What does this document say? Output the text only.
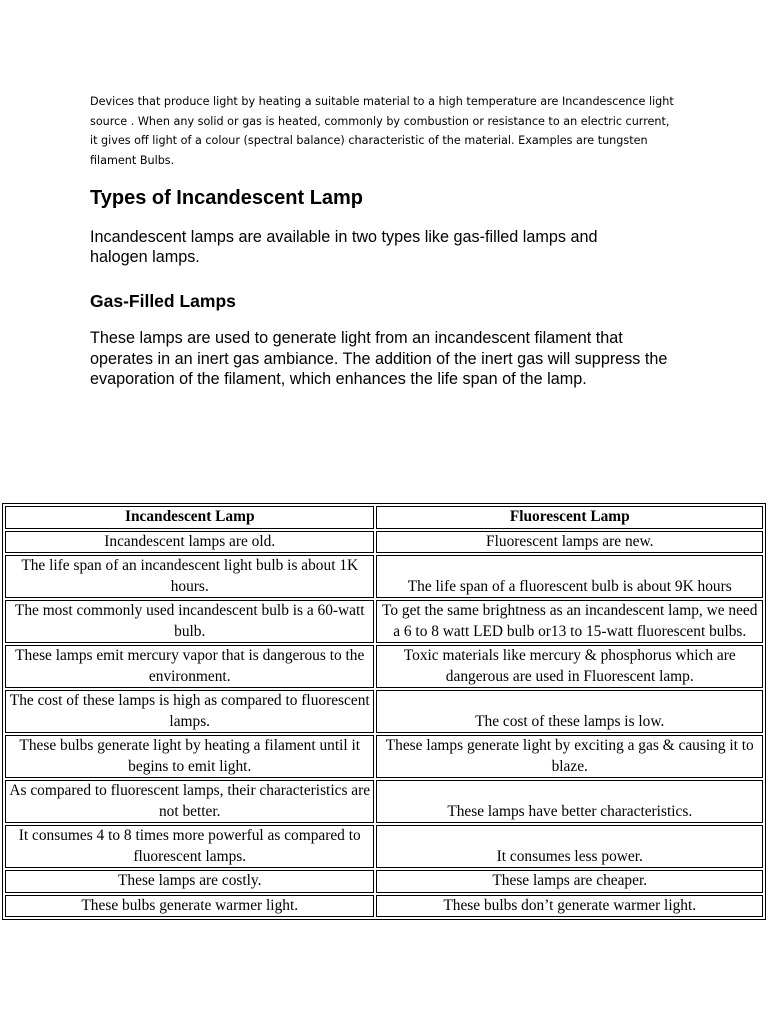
Devices that produce light by heating a suitable material to a high temperature are Incandescence light source . When any solid or gas is heated, commonly by combustion or resistance to an electric current, it gives off light of a colour (spectral balance) characteristic of the material. Examples are tungsten filament Bulbs.

Types of Incandescent Lamp

Incandescent lamps are available in two types like gas-filled lamps and halogen lamps.

Gas-Filled Lamps

These lamps are used to generate light from an incandescent filament that operates in an inert gas ambiance. The addition of the inert gas will suppress the evaporation of the filament, which enhances the life span of the lamp.

Incandescent Lamp	Fluorescent Lamp
Incandescent lamps are old.	Fluorescent lamps are new.
The life span of an incandescent light bulb is about 1K hours.	The life span of a fluorescent bulb is about 9K hours
The most commonly used incandescent bulb is a 60-watt bulb.	To get the same brightness as an incandescent lamp, we need a 6 to 8 watt LED bulb or13 to 15-watt fluorescent bulbs.
These lamps emit mercury vapor that is dangerous to the environment.	Toxic materials like mercury & phosphorus which are dangerous are used in Fluorescent lamp.
The cost of these lamps is high as compared to fluorescent lamps.	The cost of these lamps is low.
These bulbs generate light by heating a filament until it begins to emit light.	These lamps generate light by exciting a gas & causing it to blaze.
As compared to fluorescent lamps, their characteristics are not better.	These lamps have better characteristics.
It consumes 4 to 8 times more powerful as compared to fluorescent lamps.	It consumes less power.
These lamps are costly.	These lamps are cheaper.
These bulbs generate warmer light.	These bulbs don’t generate warmer light.
